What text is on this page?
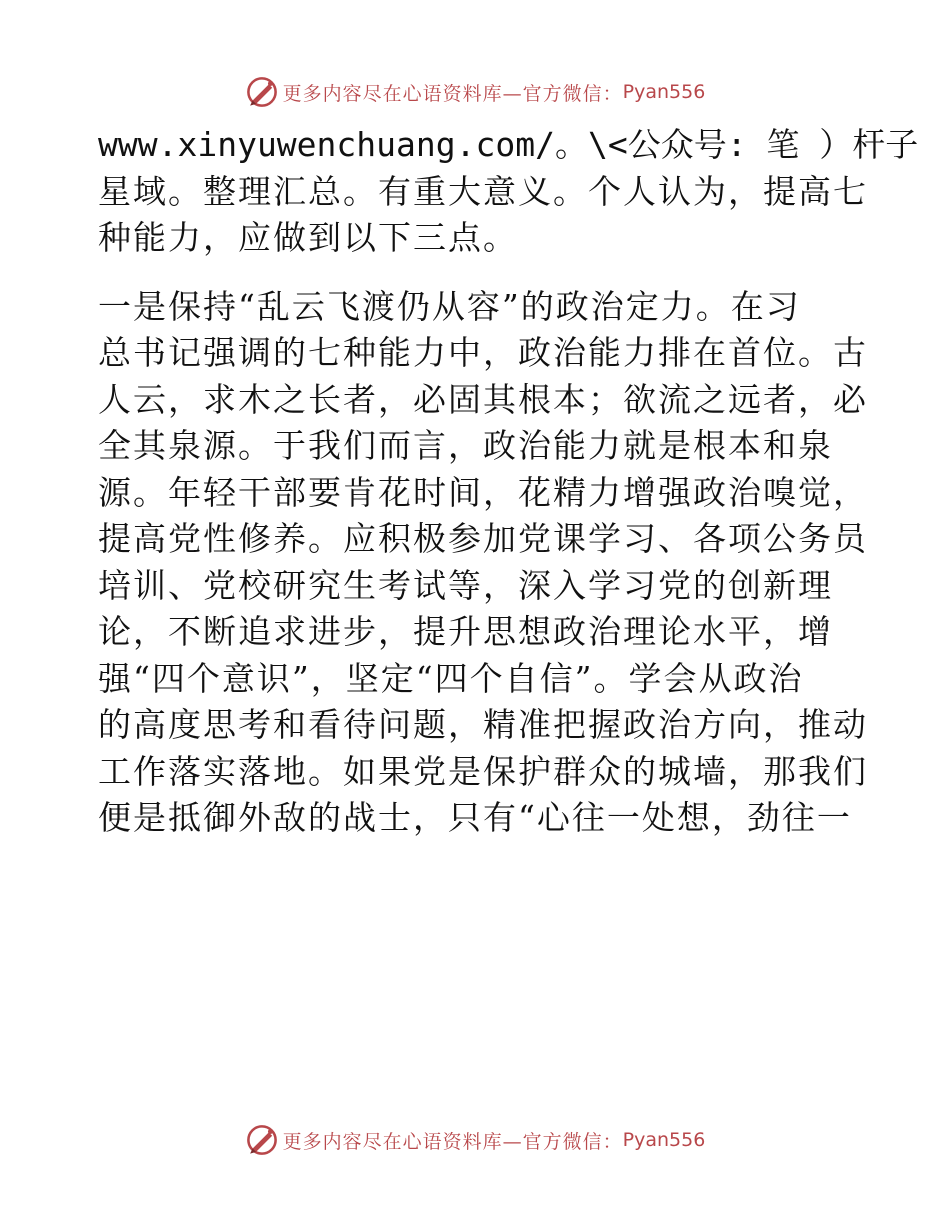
更多内容尽在心语资料库—官方微信： Pyan556
www.xinyuwenchuang.com/。\<公众号: 笔 ）杆子
星域。整理汇总。有重大意义。个人认为，提高七
种能力，应做到以下三点。
一是保持“乱云飞渡仍从容”的政治定力。在习
总书记强调的七种能力中，政治能力排在首位。古
人云，求木之长者，必固其根本；欲流之远者，必
全其泉源。于我们而言，政治能力就是根本和泉
源。年轻干部要肯花时间，花精力增强政治嗅觉，
提高党性修养。应积极参加党课学习、各项公务员
培训、党校研究生考试等，深入学习党的创新理
论，不断追求进步，提升思想政治理论水平，增
强“四个意识”，坚定“四个自信”。学会从政治
的高度思考和看待问题，精准把握政治方向，推动
工作落实落地。如果党是保护群众的城墙，那我们
便是抵御外敌的战士，只有“心往一处想，劲往一
更多内容尽在心语资料库—官方微信： Pyan556
